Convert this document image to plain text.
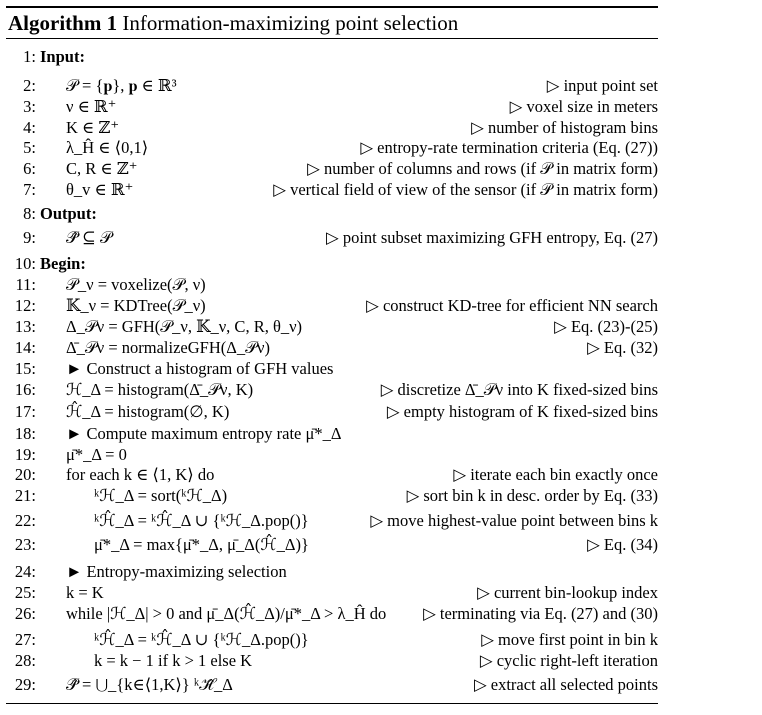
Algorithm 1 Information-maximizing point selection
1: Input:
2: 𝒫 = {𝐩}, 𝐩 ∈ ℝ³	▷ input point set
3: ν ∈ ℝ⁺	▷ voxel size in meters
4: K ∈ ℤ⁺	▷ number of histogram bins
5: λ_Ĥ ∈ ⟨0,1⟩	▷ entropy-rate termination criteria (Eq. (27))
6: C, R ∈ ℤ⁺	▷ number of columns and rows (if 𝒫 in matrix form)
7: θ_v ∈ ℝ⁺	▷ vertical field of view of the sensor (if 𝒫 in matrix form)
8: Output:
9: 𝒫̂ ⊆ 𝒫	▷ point subset maximizing GFH entropy, Eq. (27)
10: Begin:
11: 𝒫_ν = voxelize(𝒫, ν)
12: 𝕂_ν = KDTree(𝒫_ν)	▷ construct KD-tree for efficient NN search
13: Δ_𝒫ν = GFH(𝒫_ν, 𝕂_ν, C, R, θ_ν)	▷ Eq. (23)-(25)
14: Δ̄_𝒫ν = normalizeGFH(Δ_𝒫ν)	▷ Eq. (32)
15: ► Construct a histogram of GFH values
16: ℋ_Δ = histogram(Δ̄_𝒫ν, K)	▷ discretize Δ̄_𝒫ν into K fixed-sized bins
17: ℋ̂_Δ = histogram(∅, K)	▷ empty histogram of K fixed-sized bins
18: ► Compute maximum entropy rate μ̄*_Δ
19: μ̄*_Δ = 0
20: for each k ∈ ⟨1, K⟩ do	▷ iterate each bin exactly once
21:	ᵏℋ_Δ = sort(ᵏℋ_Δ)	▷ sort bin k in desc. order by Eq. (33)
22:	ᵏℋ̂_Δ = ᵏℋ̂_Δ ∪ {ᵏℋ_Δ.pop()}	▷ move highest-value point between bins k
23:	μ̄*_Δ = max{μ̄*_Δ, μ̄_Δ(ℋ̂_Δ)}	▷ Eq. (34)
24: ► Entropy-maximizing selection
25: k = K	▷ current bin-lookup index
26: while |ℋ_Δ| > 0 and μ̄_Δ(ℋ̂_Δ)/μ̄*_Δ > λ_Ĥ do ▷ terminating via Eq. (27) and (30)
27:	ᵏℋ̂_Δ = ᵏℋ̂_Δ ∪ {ᵏℋ_Δ.pop()}	▷ move first point in bin k
28:	k = k − 1 if k > 1 else K	▷ cyclic right-left iteration
29: 𝒫̂ = ⋃_{k∈⟨1,K⟩} ᵏℋ̂_Δ	▷ extract all selected points
